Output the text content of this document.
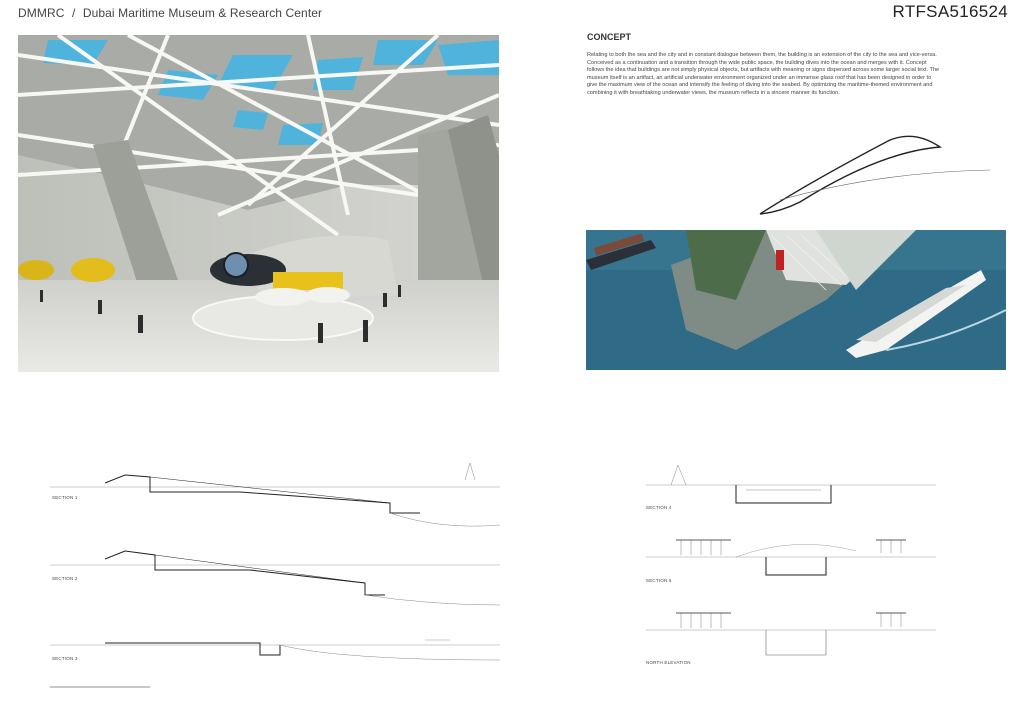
DMMRC / Dubai Maritime Museum & Research Center	RTFSA516524
CONCEPT
Relating to both the sea and the city and in constant dialogue between them, the building is an extension of the city to the sea and vice-versa. Conceived as a continuation and a transition through the wide public space, the building dives into the ocean and merges with it. Concept follows the idea that buildings are not simply physical objects, but artifacts with meaning or signs dispersed across some larger social text. The museum itself is an artifact, an artificial underwater environment organized under an immense glass roof that has been designed in order to give the maximum view of the ocean and intensify the feeling of diving into the seabed. By optimizing the maritime-themed environment and combining it with breathtaking underwater views, the museum reflects in a sincere manner its function.
SECTION 1
SECTION 2
SECTION 3
SECTION 4
SECTION 5
NORTH ELEVATION
